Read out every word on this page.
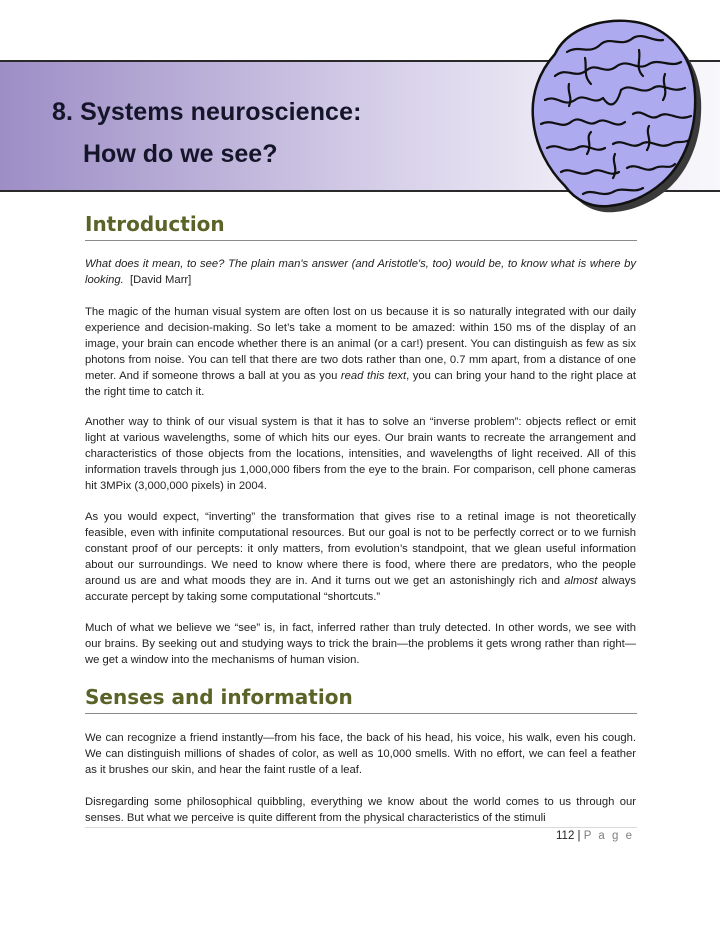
8. Systems neuroscience:
How do we see?
Introduction

What does it mean, to see? The plain man's answer (and Aristotle's, too) would be, to know what is where by looking. [David Marr]

The magic of the human visual system are often lost on us because it is so naturally integrated with our daily experience and decision-making. So let’s take a moment to be amazed: within 150 ms of the display of an image, your brain can encode whether there is an animal (or a car!) present. You can distinguish as few as six photons from noise. You can tell that there are two dots rather than one, 0.7 mm apart, from a distance of one meter. And if someone throws a ball at you as you read this text, you can bring your hand to the right place at the right time to catch it.

Another way to think of our visual system is that it has to solve an “inverse problem”: objects reflect or emit light at various wavelengths, some of which hits our eyes. Our brain wants to recreate the arrangement and characteristics of those objects from the locations, intensities, and wavelengths of light received. All of this information travels through jus 1,000,000 fibers from the eye to the brain. For comparison, cell phone cameras hit 3MPix (3,000,000 pixels) in 2004.

As you would expect, “inverting” the transformation that gives rise to a retinal image is not theoretically feasible, even with infinite computational resources. But our goal is not to be perfectly correct or to we furnish constant proof of our percepts: it only matters, from evolution’s standpoint, that we glean useful information about our surroundings. We need to know where there is food, where there are predators, who the people around us are and what moods they are in. And it turns out we get an astonishingly rich and almost always accurate percept by taking some computational “shortcuts.”

Much of what we believe we “see” is, in fact, inferred rather than truly detected. In other words, we see with our brains. By seeking out and studying ways to trick the brain—the problems it gets wrong rather than right—we get a window into the mechanisms of human vision.

Senses and information

We can recognize a friend instantly—from his face, the back of his head, his voice, his walk, even his cough. We can distinguish millions of shades of color, as well as 10,000 smells. With no effort, we can feel a feather as it brushes our skin, and hear the faint rustle of a leaf.

Disregarding some philosophical quibbling, everything we know about the world comes to us through our senses. But what we perceive is quite different from the physical characteristics of the stimuli

112 | P a g e
